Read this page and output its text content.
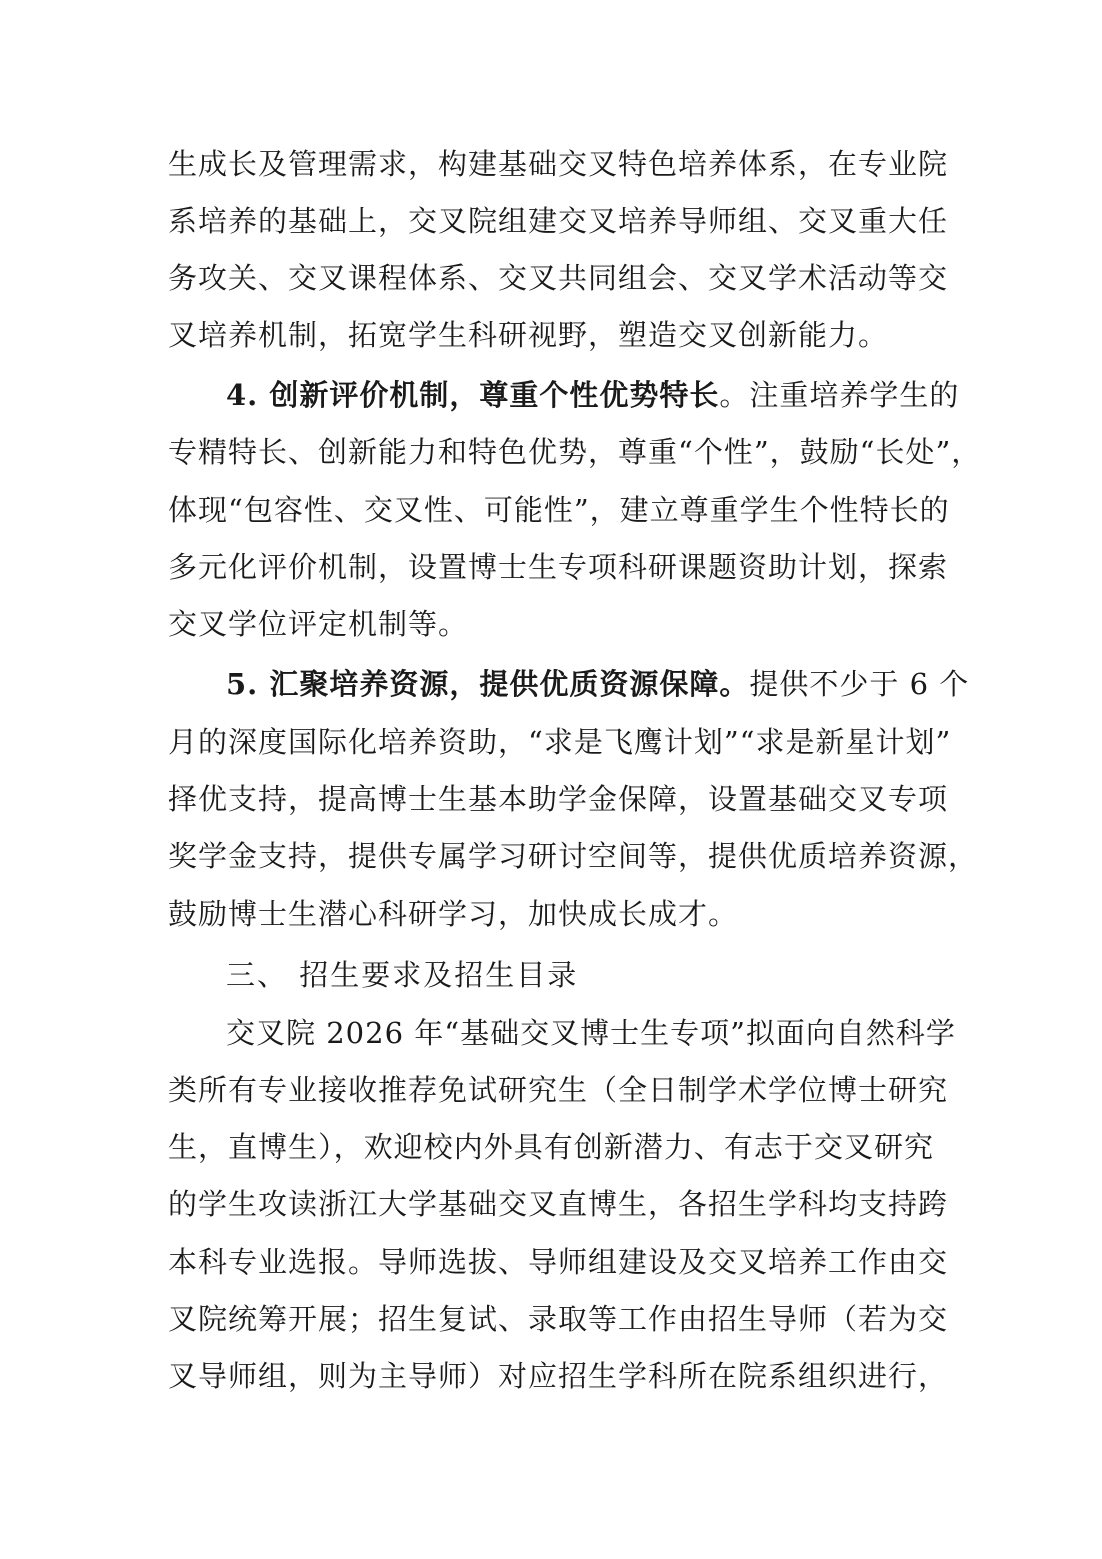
生成长及管理需求，构建基础交叉特色培养体系，在专业院
系培养的基础上，交叉院组建交叉培养导师组、交叉重大任
务攻关、交叉课程体系、交叉共同组会、交叉学术活动等交
叉培养机制，拓宽学生科研视野，塑造交叉创新能力。
4. 创新评价机制，尊重个性优势特长。注重培养学生的
专精特长、创新能力和特色优势，尊重“个性”，鼓励“长处”，
体现“包容性、交叉性、可能性”，建立尊重学生个性特长的
多元化评价机制，设置博士生专项科研课题资助计划，探索
交叉学位评定机制等。
5. 汇聚培养资源，提供优质资源保障。提供不少于 6 个
月的深度国际化培养资助，“求是飞鹰计划”“求是新星计划”
择优支持，提高博士生基本助学金保障，设置基础交叉专项
奖学金支持，提供专属学习研讨空间等，提供优质培养资源，
鼓励博士生潜心科研学习，加快成长成才。
三、 招生要求及招生目录
交叉院 2026 年“基础交叉博士生专项”拟面向自然科学
类所有专业接收推荐免试研究生（全日制学术学位博士研究
生，直博生），欢迎校内外具有创新潜力、有志于交叉研究
的学生攻读浙江大学基础交叉直博生，各招生学科均支持跨
本科专业选报。导师选拔、导师组建设及交叉培养工作由交
叉院统筹开展；招生复试、录取等工作由招生导师（若为交
叉导师组，则为主导师）对应招生学科所在院系组织进行，
